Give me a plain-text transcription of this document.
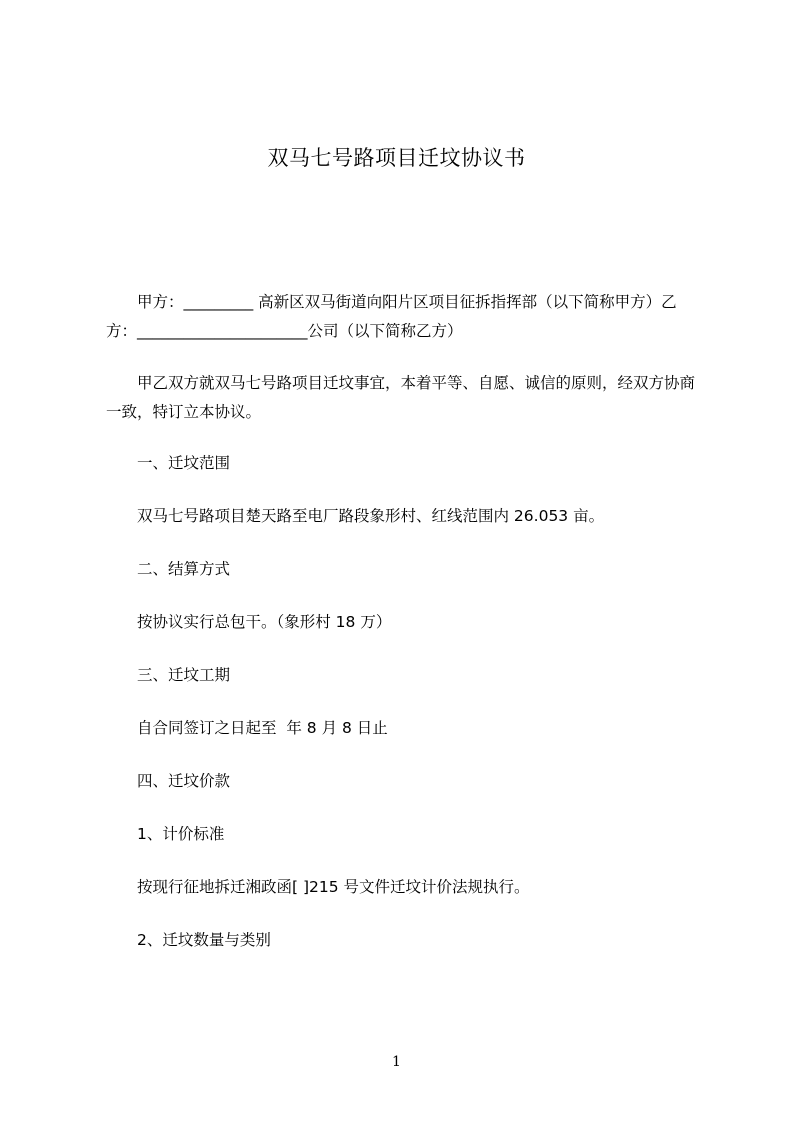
双马七号路项目迁坟协议书
甲方：_________ 高新区双马街道向阳片区项目征拆指挥部（以下简称甲方）乙方：______________________公司（以下简称乙方）
甲乙双方就双马七号路项目迁坟事宜，本着平等、自愿、诚信的原则，经双方协商一致，特订立本协议。
一、迁坟范围
双马七号路项目楚天路至电厂路段象形村、红线范围内 26.053 亩。
二、结算方式
按协议实行总包干。（象形村 18 万）
三、迁坟工期
自合同签订之日起至  年 8 月 8 日止
四、迁坟价款
1、计价标准
按现行征地拆迁湘政函[ ]215 号文件迁坟计价法规执行。
2、迁坟数量与类别
1
